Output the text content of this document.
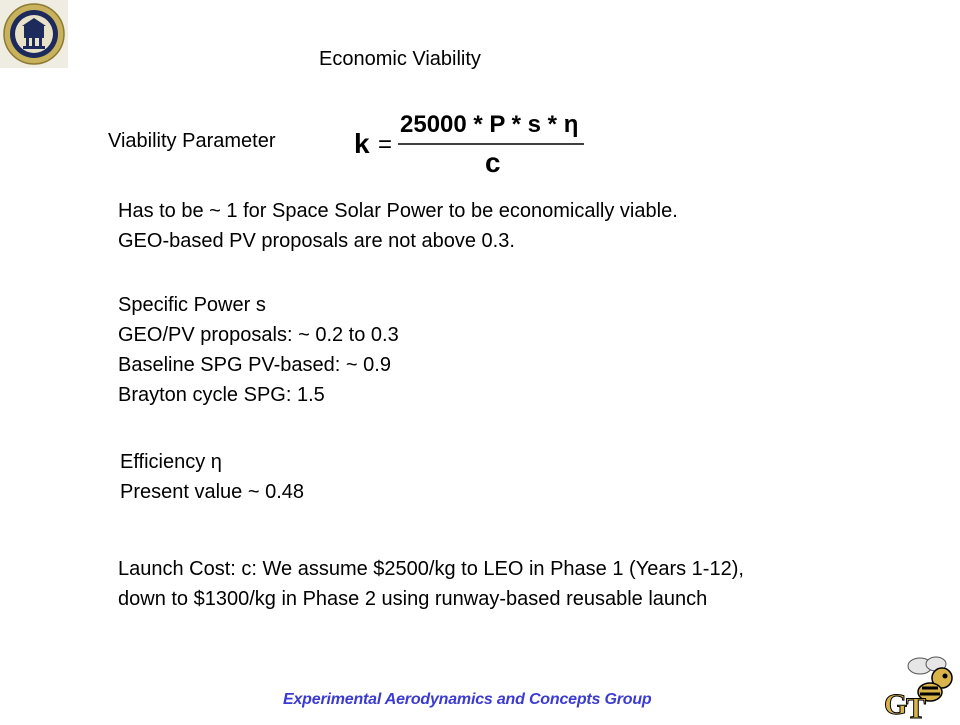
Economic Viability
Viability Parameter	k =
25000 * P * s * η
c
Has to be ~ 1 for Space Solar Power to be economically viable.
GEO-based PV proposals are not above 0.3.
Specific Power s
GEO/PV proposals: ~ 0.2 to 0.3
Baseline SPG PV-based: ~ 0.9
Brayton cycle SPG: 1.5
Efficiency η
Present value ~ 0.48
Launch Cost: c: We assume $2500/kg to LEO in Phase 1 (Years 1-12),
down to $1300/kg in Phase 2 using runway-based reusable launch
Experimental Aerodynamics and Concepts Group	G
T
